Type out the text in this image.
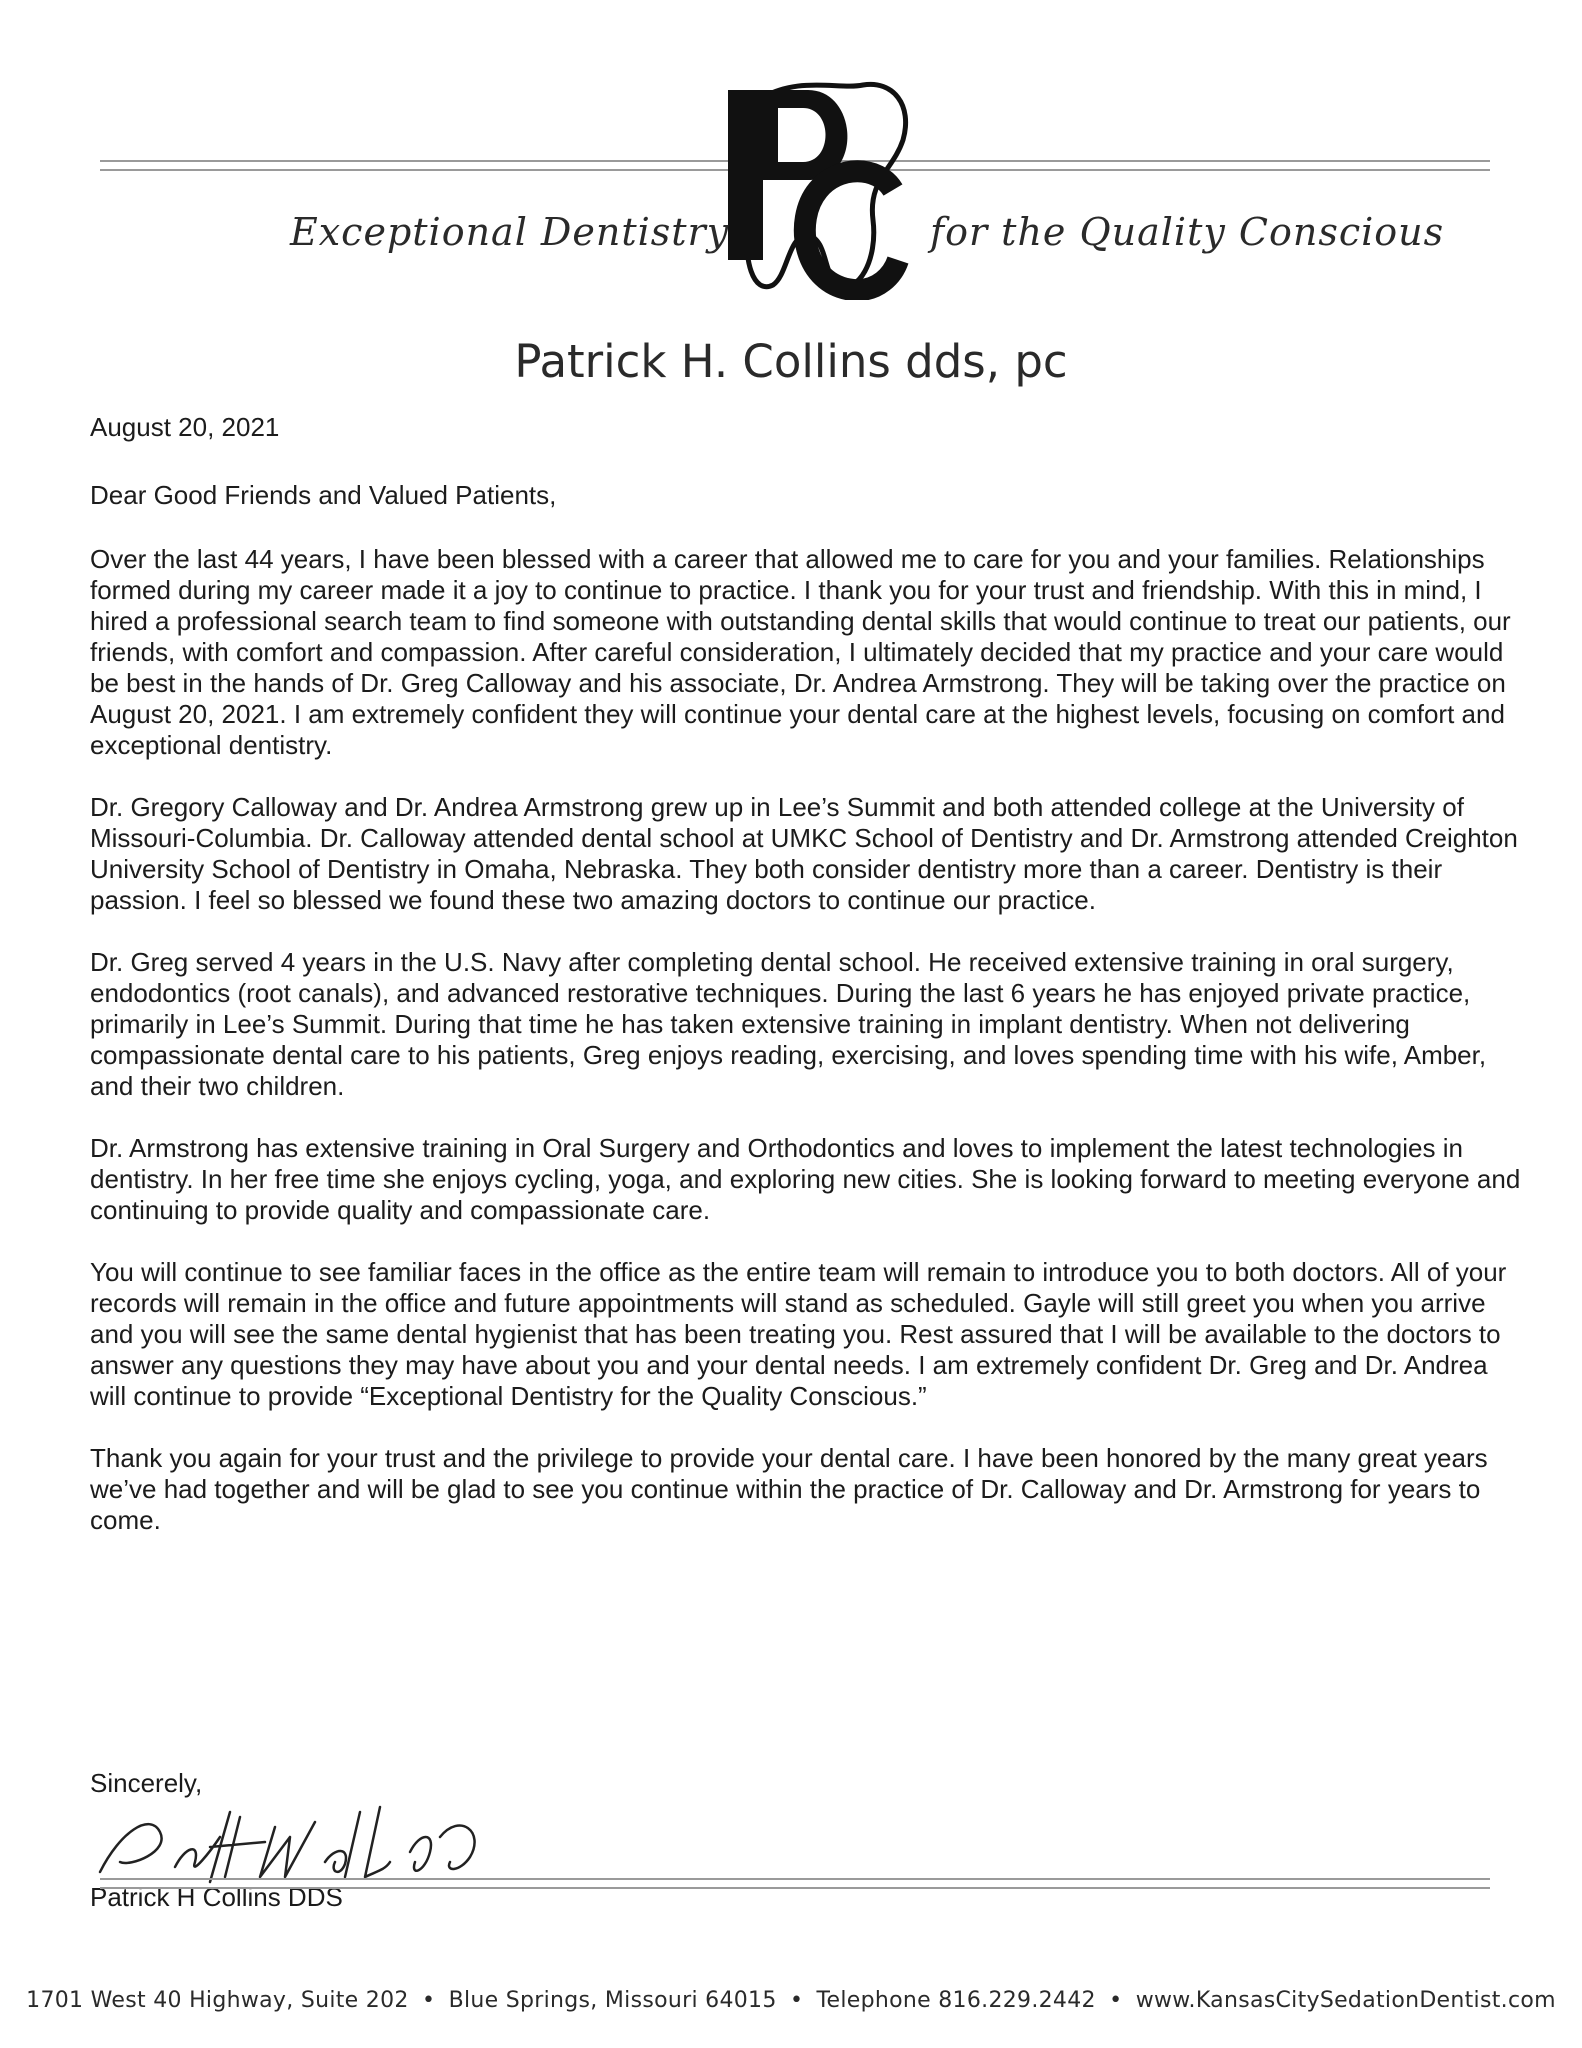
Exceptional Dentistry	for the Quality Conscious
Patrick H. Collins dds, pc

August 20, 2021

Dear Good Friends and Valued Patients,

Over the last 44 years, I have been blessed with a career that allowed me to care for you and your families. Relationships formed during my career made it a joy to continue to practice. I thank you for your trust and friendship. With this in mind, I hired a professional search team to find someone with outstanding dental skills that would continue to treat our patients, our friends, with comfort and compassion. After careful consideration, I ultimately decided that my practice and your care would be best in the hands of Dr. Greg Calloway and his associate, Dr. Andrea Armstrong. They will be taking over the practice on August 20, 2021. I am extremely confident they will continue your dental care at the highest levels, focusing on comfort and exceptional dentistry.

Dr. Gregory Calloway and Dr. Andrea Armstrong grew up in Lee’s Summit and both attended college at the University of Missouri-Columbia. Dr. Calloway attended dental school at UMKC School of Dentistry and Dr. Armstrong attended Creighton University School of Dentistry in Omaha, Nebraska. They both consider dentistry more than a career. Dentistry is their passion. I feel so blessed we found these two amazing doctors to continue our practice.

Dr. Greg served 4 years in the U.S. Navy after completing dental school. He received extensive training in oral surgery, endodontics (root canals), and advanced restorative techniques. During the last 6 years he has enjoyed private practice, primarily in Lee’s Summit. During that time he has taken extensive training in implant dentistry. When not delivering compassionate dental care to his patients, Greg enjoys reading, exercising, and loves spending time with his wife, Amber, and their two children.

Dr. Armstrong has extensive training in Oral Surgery and Orthodontics and loves to implement the latest technologies in dentistry. In her free time she enjoys cycling, yoga, and exploring new cities. She is looking forward to meeting everyone and continuing to provide quality and compassionate care.

You will continue to see familiar faces in the office as the entire team will remain to introduce you to both doctors. All of your records will remain in the office and future appointments will stand as scheduled. Gayle will still greet you when you arrive and you will see the same dental hygienist that has been treating you. Rest assured that I will be available to the doctors to answer any questions they may have about you and your dental needs. I am extremely confident Dr. Greg and Dr. Andrea will continue to provide “Exceptional Dentistry for the Quality Conscious.”

Thank you again for your trust and the privilege to provide your dental care. I have been honored by the many great years we’ve had together and will be glad to see you continue within the practice of Dr. Calloway and Dr. Armstrong for years to come.

Sincerely,
Patrick H Collins DDS
1701 West 40 Highway, Suite 202 • Blue Springs, Missouri 64015 • Telephone 816.229.2442 • www.KansasCitySedationDentist.com
